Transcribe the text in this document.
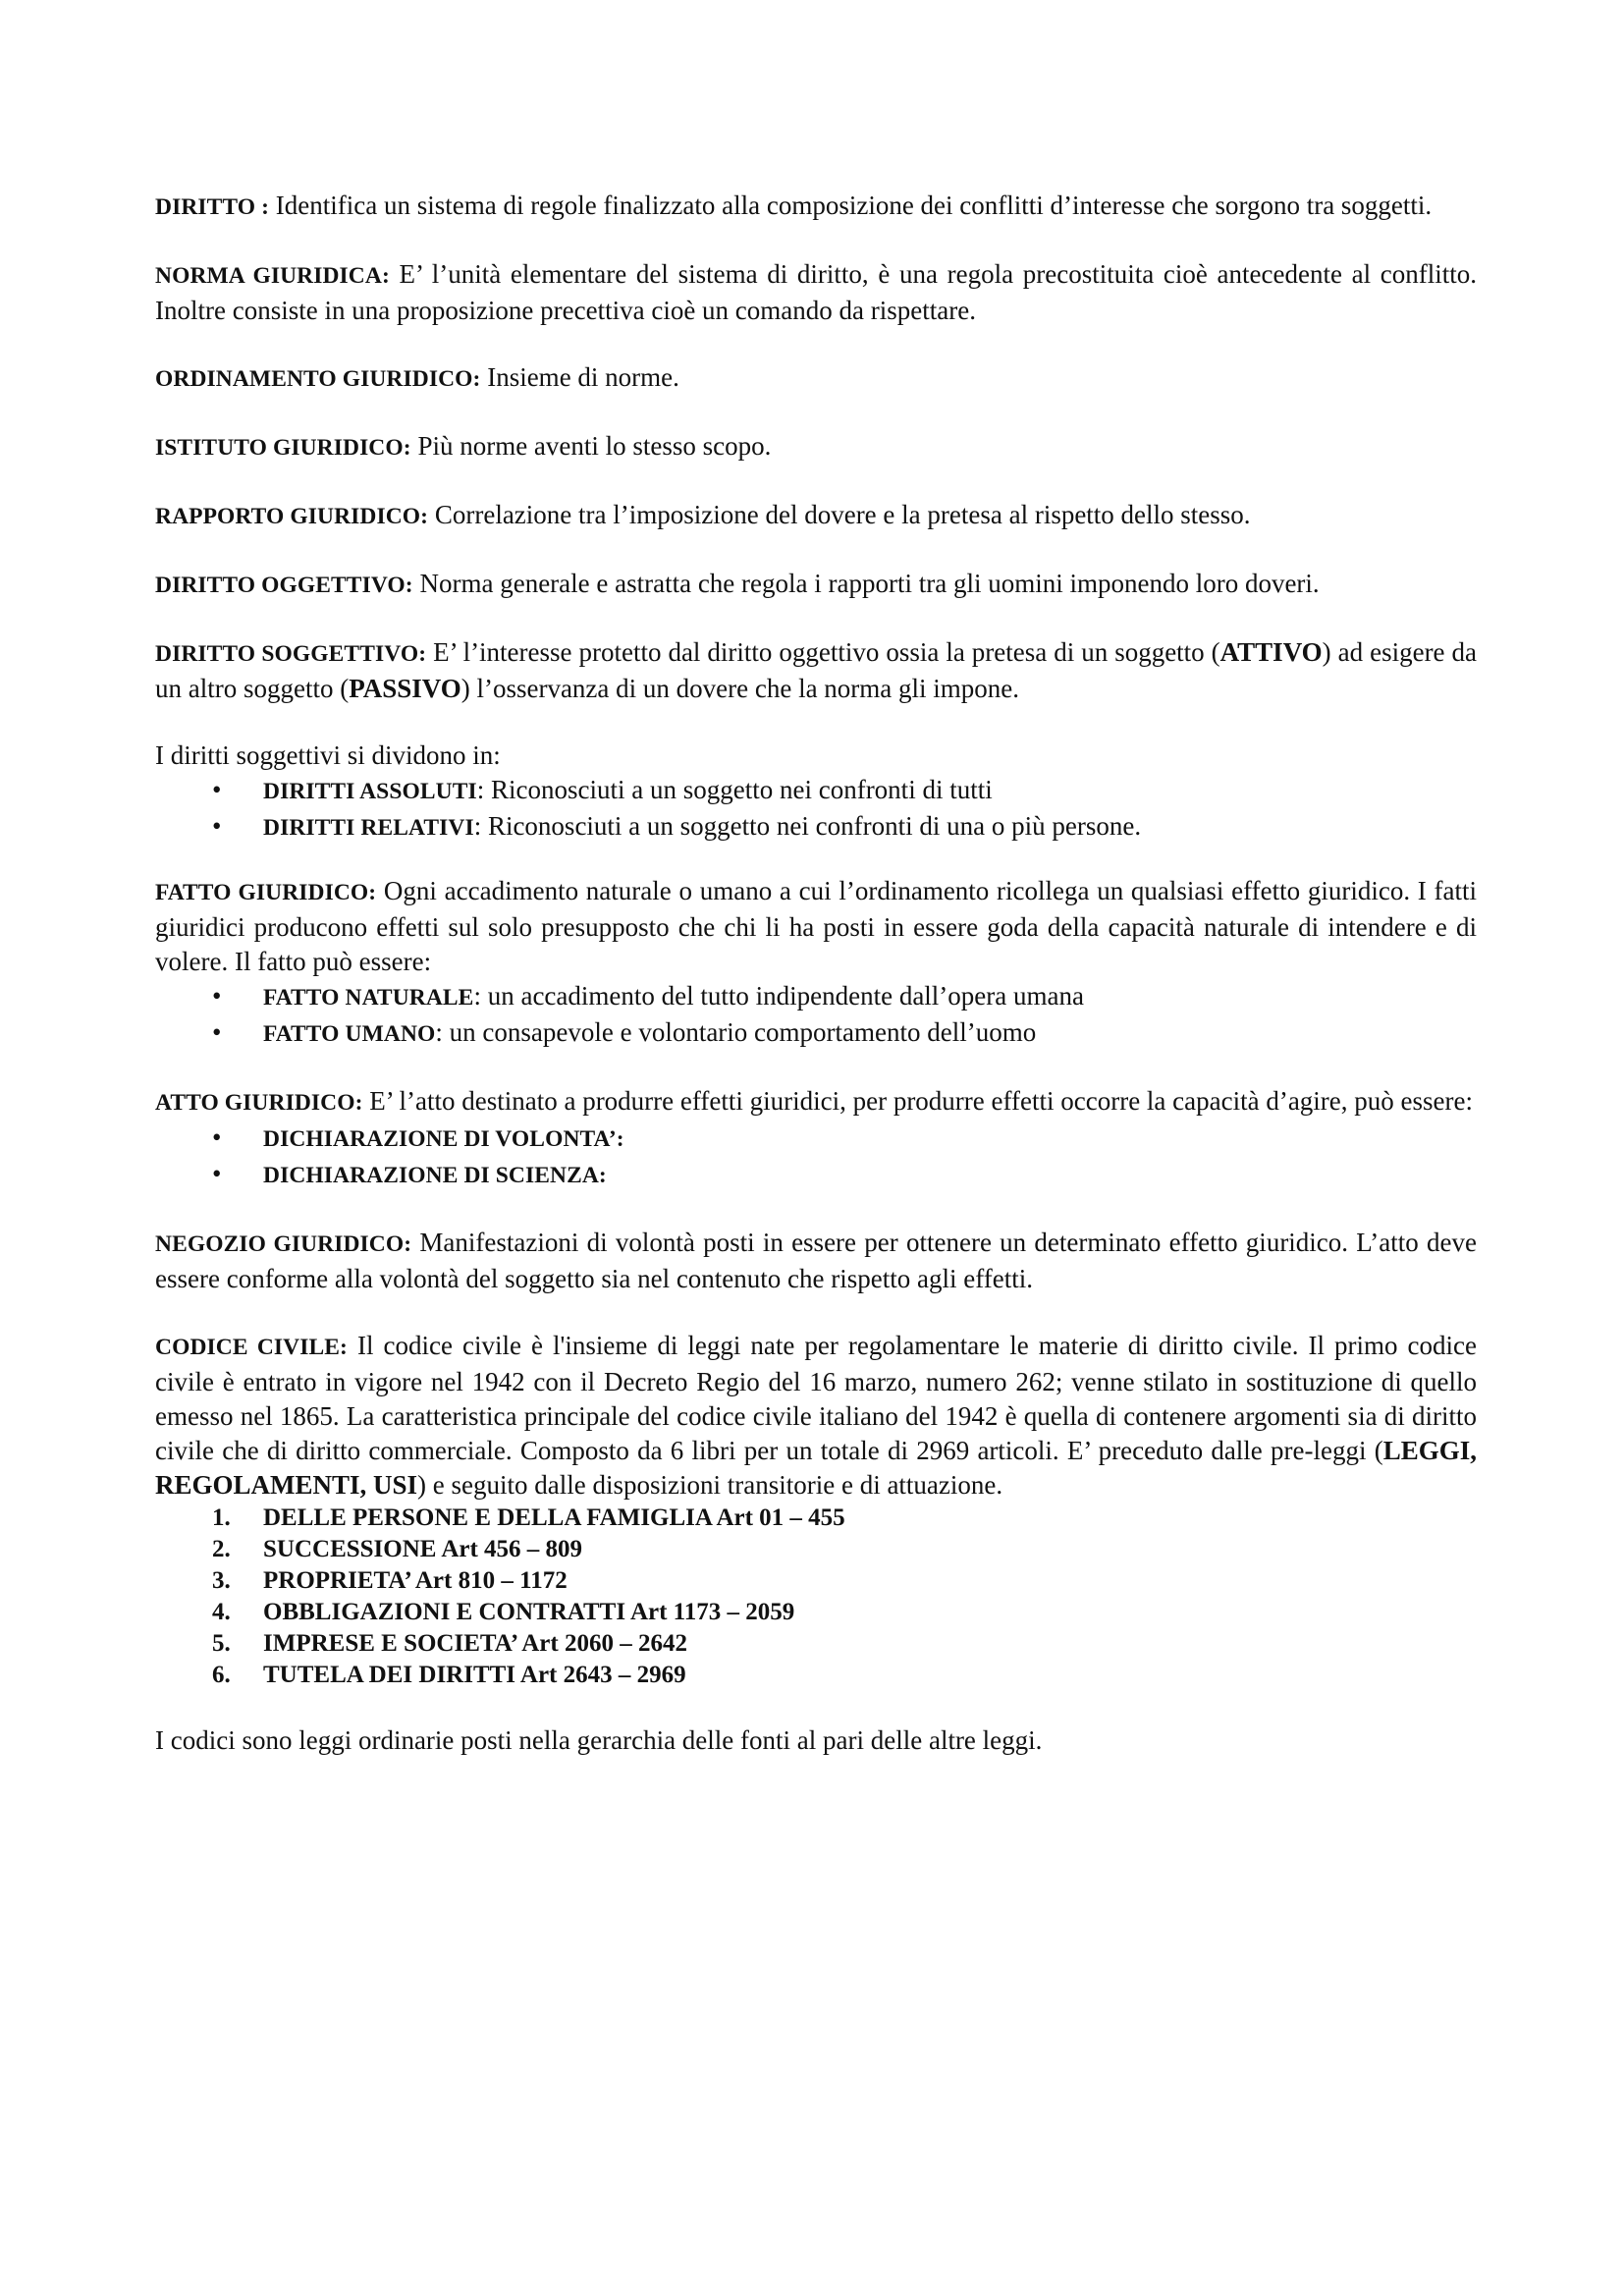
DIRITTO : Identifica un sistema di regole finalizzato alla composizione dei conflitti d’interesse che sorgono tra soggetti.

NORMA GIURIDICA: E’ l’unità elementare del sistema di diritto, è una regola precostituita cioè antecedente al conflitto. Inoltre consiste in una proposizione precettiva cioè un comando da rispettare.

ORDINAMENTO GIURIDICO: Insieme di norme.

ISTITUTO GIURIDICO: Più norme aventi lo stesso scopo.

RAPPORTO GIURIDICO: Correlazione tra l’imposizione del dovere e la pretesa al rispetto dello stesso.

DIRITTO OGGETTIVO: Norma generale e astratta che regola i rapporti tra gli uomini imponendo loro doveri.

DIRITTO SOGGETTIVO: E’ l’interesse protetto dal diritto oggettivo ossia la pretesa di un soggetto (ATTIVO) ad esigere da un altro soggetto (PASSIVO) l’osservanza di un dovere che la norma gli impone.

I diritti soggettivi si dividono in:

• DIRITTI ASSOLUTI: Riconosciuti a un soggetto nei confronti di tutti
• DIRITTI RELATIVI: Riconosciuti a un soggetto nei confronti di una o più persone.

FATTO GIURIDICO: Ogni accadimento naturale o umano a cui l’ordinamento ricollega un qualsiasi effetto giuridico. I fatti giuridici producono effetti sul solo presupposto che chi li ha posti in essere goda della capacità naturale di intendere e di volere. Il fatto può essere:

• FATTO NATURALE: un accadimento del tutto indipendente dall’opera umana
• FATTO UMANO: un consapevole e volontario comportamento dell’uomo

ATTO GIURIDICO: E’ l’atto destinato a produrre effetti giuridici, per produrre effetti occorre la capacità d’agire, può essere:

• DICHIARAZIONE DI VOLONTA’:
• DICHIARAZIONE DI SCIENZA:

NEGOZIO GIURIDICO: Manifestazioni di volontà posti in essere per ottenere un determinato effetto giuridico. L’atto deve essere conforme alla volontà del soggetto sia nel contenuto che rispetto agli effetti.

CODICE CIVILE: Il codice civile è l'insieme di leggi nate per regolamentare le materie di diritto civile. Il primo codice civile è entrato in vigore nel 1942 con il Decreto Regio del 16 marzo, numero 262; venne stilato in sostituzione di quello emesso nel 1865. La caratteristica principale del codice civile italiano del 1942 è quella di contenere argomenti sia di diritto civile che di diritto commerciale. Composto da 6 libri per un totale di 2969 articoli. E’ preceduto dalle pre-leggi (LEGGI, REGOLAMENTI, USI) e seguito dalle disposizioni transitorie e di attuazione.

1. DELLE PERSONE E DELLA FAMIGLIA Art 01 – 455
2. SUCCESSIONE Art 456 – 809
3. PROPRIETA’ Art 810 – 1172
4. OBBLIGAZIONI E CONTRATTI Art 1173 – 2059
5. IMPRESE E SOCIETA’ Art 2060 – 2642
6. TUTELA DEI DIRITTI Art 2643 – 2969

I codici sono leggi ordinarie posti nella gerarchia delle fonti al pari delle altre leggi.
